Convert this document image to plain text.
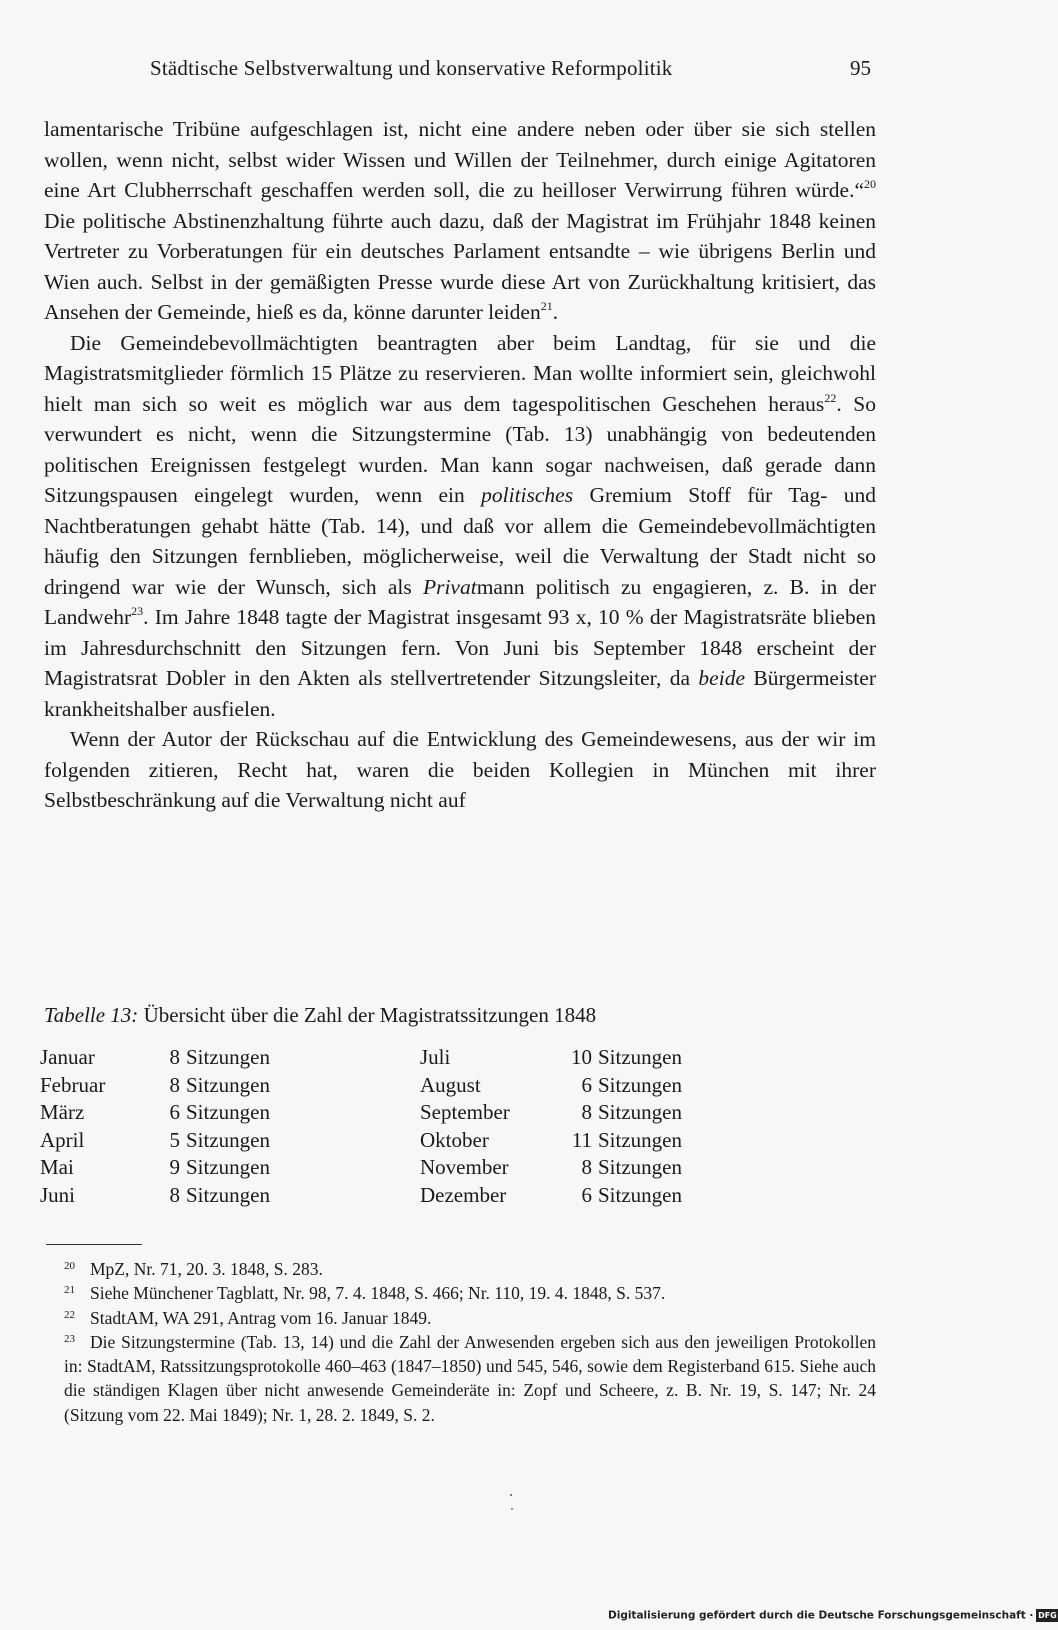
Städtische Selbstverwaltung und konservative Reformpolitik	95

lamentarische Tribüne aufgeschlagen ist, nicht eine andere neben oder über sie sich stellen wollen, wenn nicht, selbst wider Wissen und Willen der Teilnehmer, durch einige Agitatoren eine Art Clubherrschaft geschaffen werden soll, die zu heilloser Verwirrung führen würde.“$^{20}$ Die politische Abstinenzhaltung führte auch dazu, daß der Magistrat im Frühjahr 1848 keinen Vertreter zu Vorberatungen für ein deutsches Parlament entsandte – wie übrigens Berlin und Wien auch. Selbst in der gemäßigten Presse wurde diese Art von Zurückhaltung kritisiert, das Ansehen der Gemeinde, hieß es da, könne darunter leiden$^{21}$.

Die Gemeindebevollmächtigten beantragten aber beim Landtag, für sie und die Magistratsmitglieder förmlich 15 Plätze zu reservieren. Man wollte informiert sein, gleichwohl hielt man sich so weit es möglich war aus dem tagespolitischen Geschehen heraus$^{22}$. So verwundert es nicht, wenn die Sitzungstermine (Tab. 13) unabhängig von bedeutenden politischen Ereignissen festgelegt wurden. Man kann sogar nachweisen, daß gerade dann Sitzungspausen eingelegt wurden, wenn ein politisches Gremium Stoff für Tag- und Nachtberatungen gehabt hätte (Tab. 14), und daß vor allem die Gemeindebevollmächtigten häufig den Sitzungen fernblieben, möglicherweise, weil die Verwaltung der Stadt nicht so dringend war wie der Wunsch, sich als Privatmann politisch zu engagieren, z. B. in der Landwehr$^{23}$. Im Jahre 1848 tagte der Magistrat insgesamt 93 x, 10 % der Magistratsräte blieben im Jahresdurchschnitt den Sitzungen fern. Von Juni bis September 1848 erscheint der Magistratsrat Dobler in den Akten als stellvertretender Sitzungsleiter, da beide Bürgermeister krankheitshalber ausfielen.

Wenn der Autor der Rückschau auf die Entwicklung des Gemeindewesens, aus der wir im folgenden zitieren, Recht hat, waren die beiden Kollegien in München mit ihrer Selbstbeschränkung auf die Verwaltung nicht auf

Tabelle 13: Übersicht über die Zahl der Magistratssitzungen 1848
Januar	8	Sitzungen	Juli	10	Sitzungen
Februar	8	Sitzungen	August	6	Sitzungen
März	6	Sitzungen	September	8	Sitzungen
April	5	Sitzungen	Oktober	11	Sitzungen
Mai	9	Sitzungen	November	8	Sitzungen
Juni	8	Sitzungen	Dezember	6	Sitzungen

20 MpZ, Nr. 71, 20. 3. 1848, S. 283.

21 Siehe Münchener Tagblatt, Nr. 98, 7. 4. 1848, S. 466; Nr. 110, 19. 4. 1848, S. 537.

22 StadtAM, WA 291, Antrag vom 16. Januar 1849.

23 Die Sitzungstermine (Tab. 13, 14) und die Zahl der Anwesenden ergeben sich aus den jeweiligen Protokollen in: StadtAM, Ratssitzungsprotokolle 460–463 (1847–1850) und 545, 546, sowie dem Registerband 615. Siehe auch die ständigen Klagen über nicht anwesende Gemeinderäte in: Zopf und Scheere, z. B. Nr. 19, S. 147; Nr. 24 (Sitzung vom 22. Mai 1849); Nr. 1, 28. 2. 1849, S. 2.

Digitalisierung gefördert durch die Deutsche Forschungsgemeinschaft · DFG
